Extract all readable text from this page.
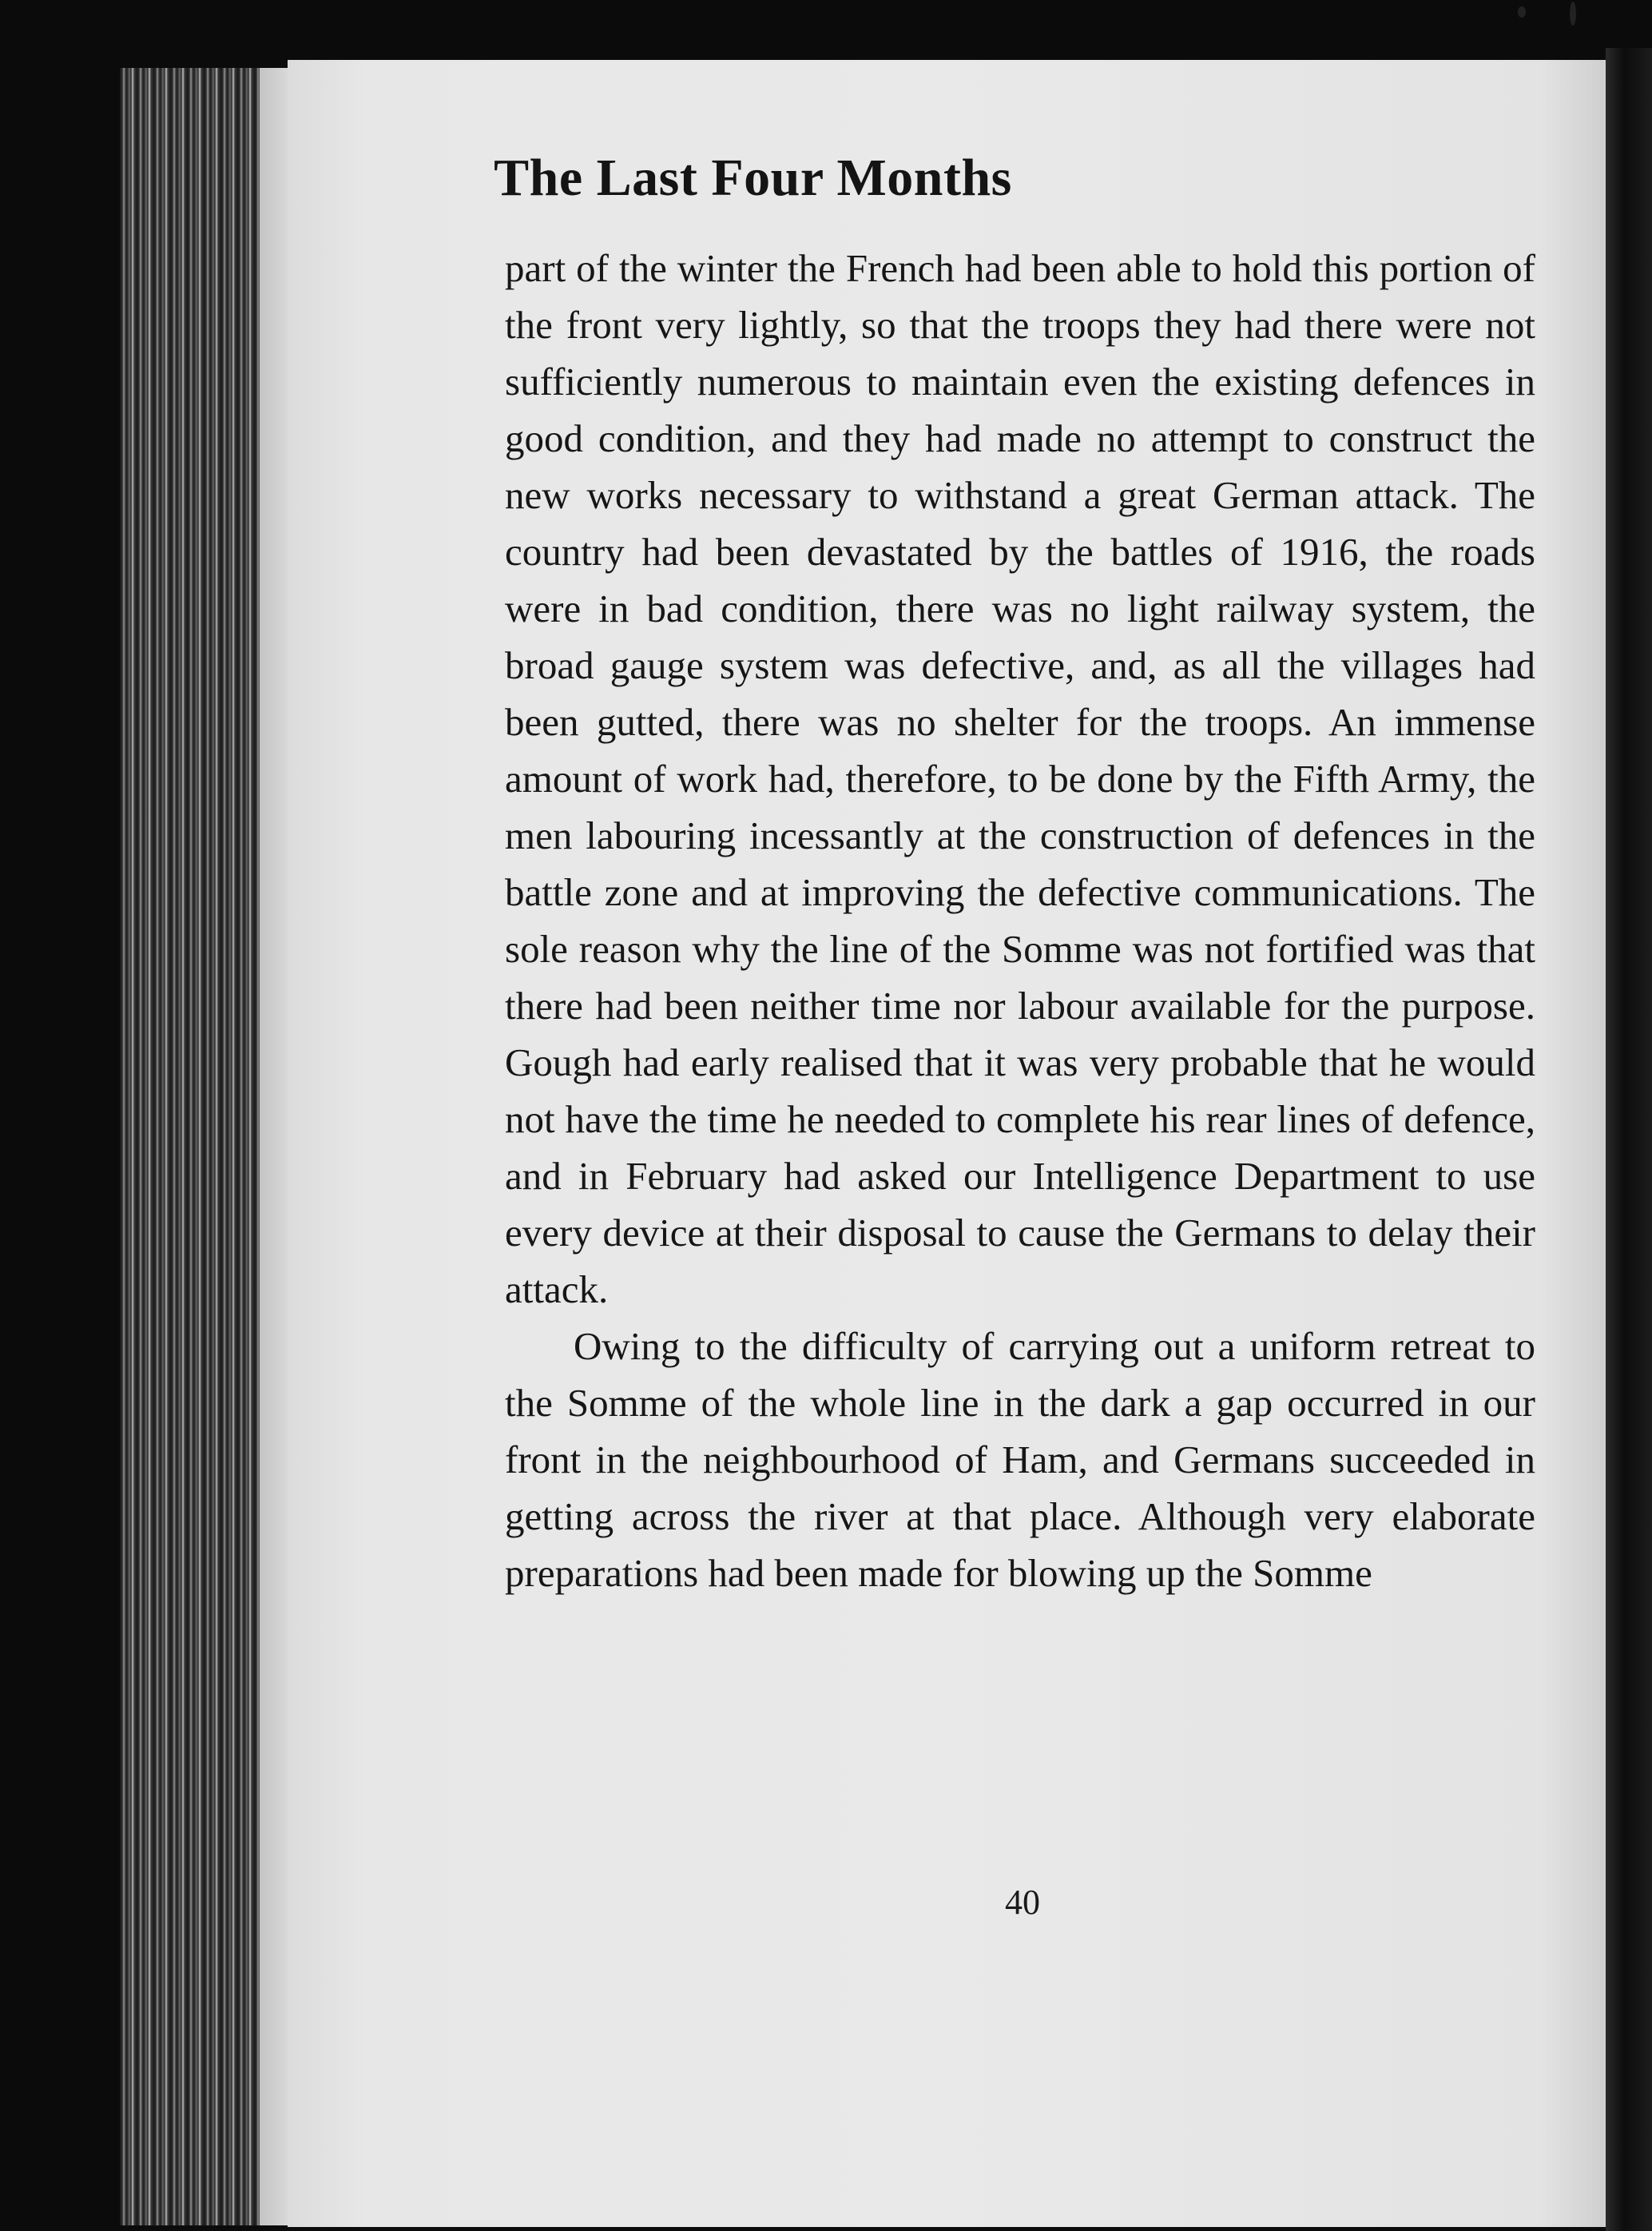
The Last Four Months

part of the winter the French had been able to hold this portion of the front very lightly, so that the troops they had there were not sufficiently numerous to maintain even the existing defences in good condition, and they had made no attempt to construct the new works necessary to withstand a great German attack. The country had been devastated by the battles of 1916, the roads were in bad condition, there was no light railway system, the broad gauge system was defective, and, as all the villages had been gutted, there was no shelter for the troops. An immense amount of work had, therefore, to be done by the Fifth Army, the men labouring incessantly at the construction of defences in the battle zone and at improving the defective communications. The sole reason why the line of the Somme was not fortified was that there had been neither time nor labour available for the purpose. Gough had early realised that it was very probable that he would not have the time he needed to complete his rear lines of defence, and in February had asked our Intelligence Department to use every device at their disposal to cause the Germans to delay their attack.

Owing to the difficulty of carrying out a uniform retreat to the Somme of the whole line in the dark a gap occurred in our front in the neighbourhood of Ham, and Germans succeeded in getting across the river at that place. Although very elaborate preparations had been made for blowing up the Somme

40
